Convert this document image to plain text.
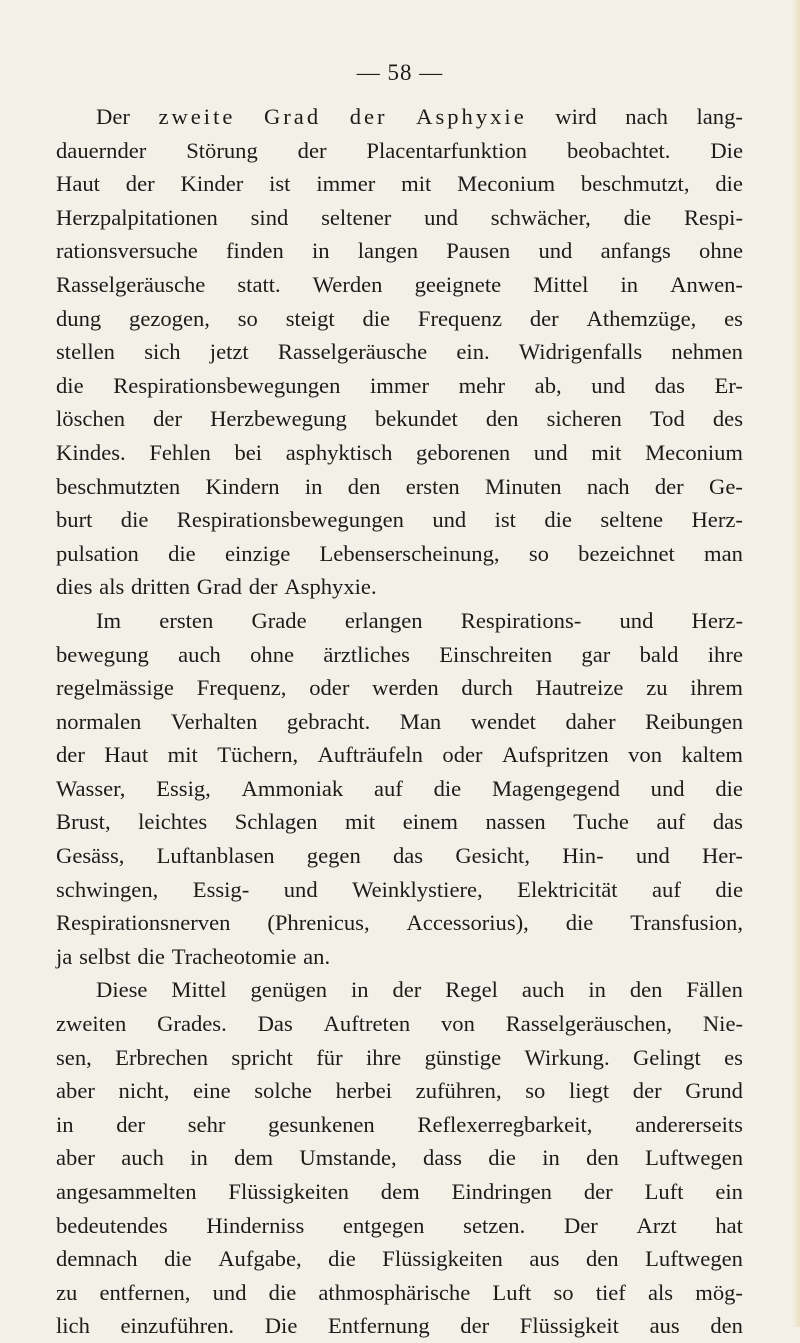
— 58 —
Der zweite Grad der Asphyxie wird nach lang-
dauernder Störung der Placentarfunktion beobachtet. Die
Haut der Kinder ist immer mit Meconium beschmutzt, die
Herzpalpitationen sind seltener und schwächer, die Respi-
rationsversuche finden in langen Pausen und anfangs ohne
Rasselgeräusche statt. Werden geeignete Mittel in Anwen-
dung gezogen, so steigt die Frequenz der Athemzüge, es
stellen sich jetzt Rasselgeräusche ein. Widrigenfalls nehmen
die Respirationsbewegungen immer mehr ab, und das Er-
löschen der Herzbewegung bekundet den sicheren Tod des
Kindes. Fehlen bei asphyktisch geborenen und mit Meconium
beschmutzten Kindern in den ersten Minuten nach der Ge-
burt die Respirationsbewegungen und ist die seltene Herz-
pulsation die einzige Lebenserscheinung, so bezeichnet man
dies als dritten Grad der Asphyxie.
Im ersten Grade erlangen Respirations- und Herz-
bewegung auch ohne ärztliches Einschreiten gar bald ihre
regelmässige Frequenz, oder werden durch Hautreize zu ihrem
normalen Verhalten gebracht. Man wendet daher Reibungen
der Haut mit Tüchern, Aufträufeln oder Aufspritzen von kaltem
Wasser, Essig, Ammoniak auf die Magengegend und die
Brust, leichtes Schlagen mit einem nassen Tuche auf das
Gesäss, Luftanblasen gegen das Gesicht, Hin- und Her-
schwingen, Essig- und Weinklystiere, Elektricität auf die
Respirationsnerven (Phrenicus, Accessorius), die Transfusion,
ja selbst die Tracheotomie an.
Diese Mittel genügen in der Regel auch in den Fällen
zweiten Grades. Das Auftreten von Rasselgeräuschen, Nie-
sen, Erbrechen spricht für ihre günstige Wirkung. Gelingt es
aber nicht, eine solche herbei zuführen, so liegt der Grund
in der sehr gesunkenen Reflexerregbarkeit, andererseits
aber auch in dem Umstande, dass die in den Luftwegen
angesammelten Flüssigkeiten dem Eindringen der Luft ein
bedeutendes Hinderniss entgegen setzen. Der Arzt hat
demnach die Aufgabe, die Flüssigkeiten aus den Luftwegen
zu entfernen, und die athmosphärische Luft so tief als mög-
lich einzuführen. Die Entfernung der Flüssigkeit aus den
